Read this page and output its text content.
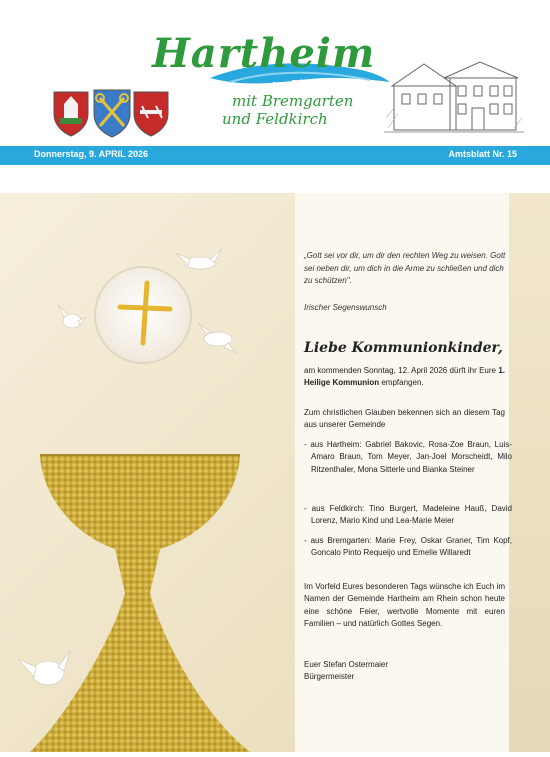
Hartheim
am Rhein
mit Bremgarten
und Feldkirch
Donnerstag, 9. APRIL 2026	Amtsblatt Nr. 15

„Gott sei vor dir, um dir den rechten Weg zu weisen. Gott sei neben dir, um dich in die Arme zu schließen und dich zu schützen".

Irischer Segenswunsch
Liebe Kommunionkinder,

am kommenden Sonntag, 12. April 2026 dürft ihr Eure 1. Heilige Kommunion empfangen.

Zum christlichen Glauben bekennen sich an diesem Tag aus unserer Gemeinde

- aus Hartheim: Gabriel Bakovic, Rosa-Zoe Braun, Luis-Amaro Braun, Tom Meyer, Jan-Joel Morscheidt, Milo Ritzenthaler, Mona Sitterle und Bianka Steiner

- aus Feldkirch: Tino Burgert, Madeleine Hauß, David Lorenz, Mario Kind und Lea-Marie Meier

- aus Bremgarten: Marie Frey, Oskar Graner, Tim Kopf, Goncalo Pinto Requeijo und Emelie Willaredt

Im Vorfeld Eures besonderen Tags wünsche ich Euch im Namen der Gemeinde Hartheim am Rhein schon heute eine schöne Feier, wertvolle Momente mit euren Familien – und natürlich Gottes Segen.

Euer Stefan Ostermaier
Bürgermeister
